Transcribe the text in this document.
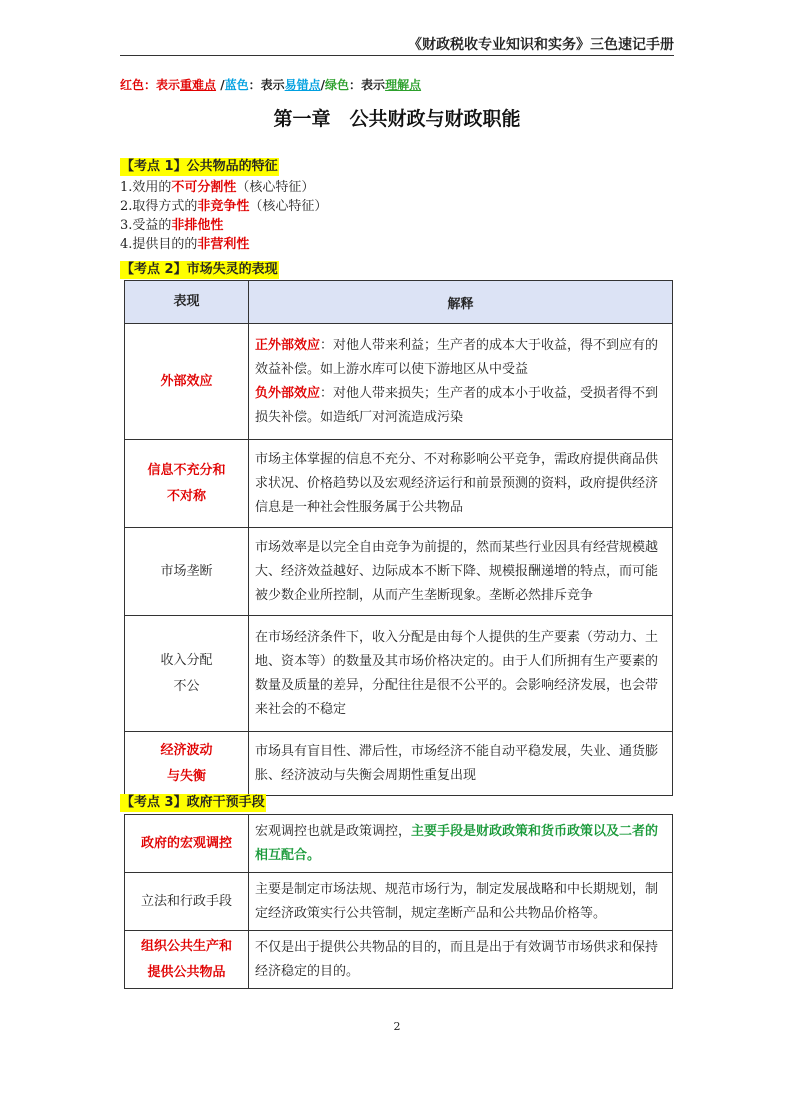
《财政税收专业知识和实务》三色速记手册
红色：表示重难点 /蓝色：表示易错点/绿色：表示理解点
第一章　公共财政与财政职能
【考点 1】公共物品的特征
1.效用的不可分割性（核心特征）
2.取得方式的非竞争性（核心特征）
3.受益的非排他性
4.提供目的的非营利性
【考点 2】市场失灵的表现
表现	解释
外部效应	正外部效应：对他人带来利益；生产者的成本大于收益，得不到应有的效益补偿。如上游水库可以使下游地区从中受益
负外部效应：对他人带来损失；生产者的成本小于收益，受损者得不到损失补偿。如造纸厂对河流造成污染

信息不充分和
不对称	市场主体掌握的信息不充分、不对称影响公平竞争，需政府提供商品供求状况、价格趋势以及宏观经济运行和前景预测的资料，政府提供经济信息是一种社会性服务属于公共物品
市场垄断	市场效率是以完全自由竞争为前提的，然而某些行业因具有经营规模越大、经济效益越好、边际成本不断下降、规模报酬递增的特点，而可能被少数企业所控制，从而产生垄断现象。垄断必然排斥竞争

收入分配
不公	在市场经济条件下，收入分配是由每个人提供的生产要素（劳动力、土地、资本等）的数量及其市场价格决定的。由于人们所拥有生产要素的数量及质量的差异，分配往往是很不公平的。会影响经济发展，也会带来社会的不稳定

经济波动
与失衡	市场具有盲目性、滞后性，市场经济不能自动平稳发展，失业、通货膨胀、经济波动与失衡会周期性重复出现
【考点 3】政府干预手段
政府的宏观调控	宏观调控也就是政策调控，主要手段是财政政策和货币政策以及二者的相互配合。
立法和行政手段	主要是制定市场法规、规范市场行为，制定发展战略和中长期规划，制定经济政策实行公共管制，规定垄断产品和公共物品价格等。

组织公共生产和
提供公共物品	不仅是出于提供公共物品的目的，而且是出于有效调节市场供求和保持经济稳定的目的。
2
